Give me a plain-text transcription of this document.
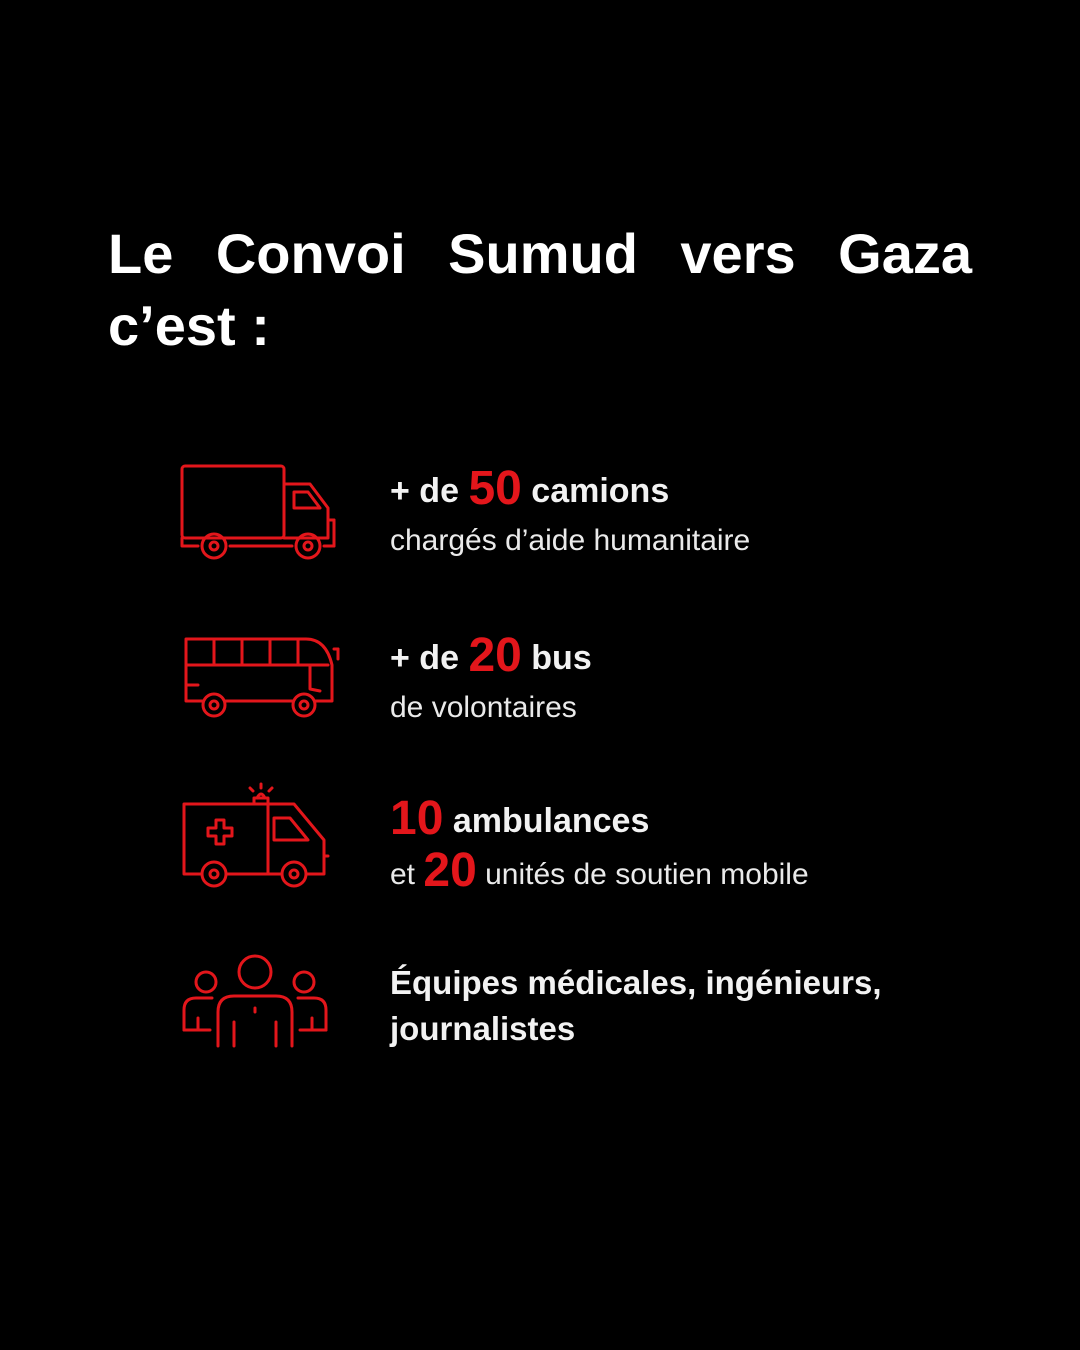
Le Convoi Sumud vers Gaza c’est :
+ de 50 camions
chargés d’aide humanitaire
+ de 20 bus
de volontaires
10 ambulances
et 20 unités de soutien mobile
Équipes médicales, ingénieurs,
journalistes
